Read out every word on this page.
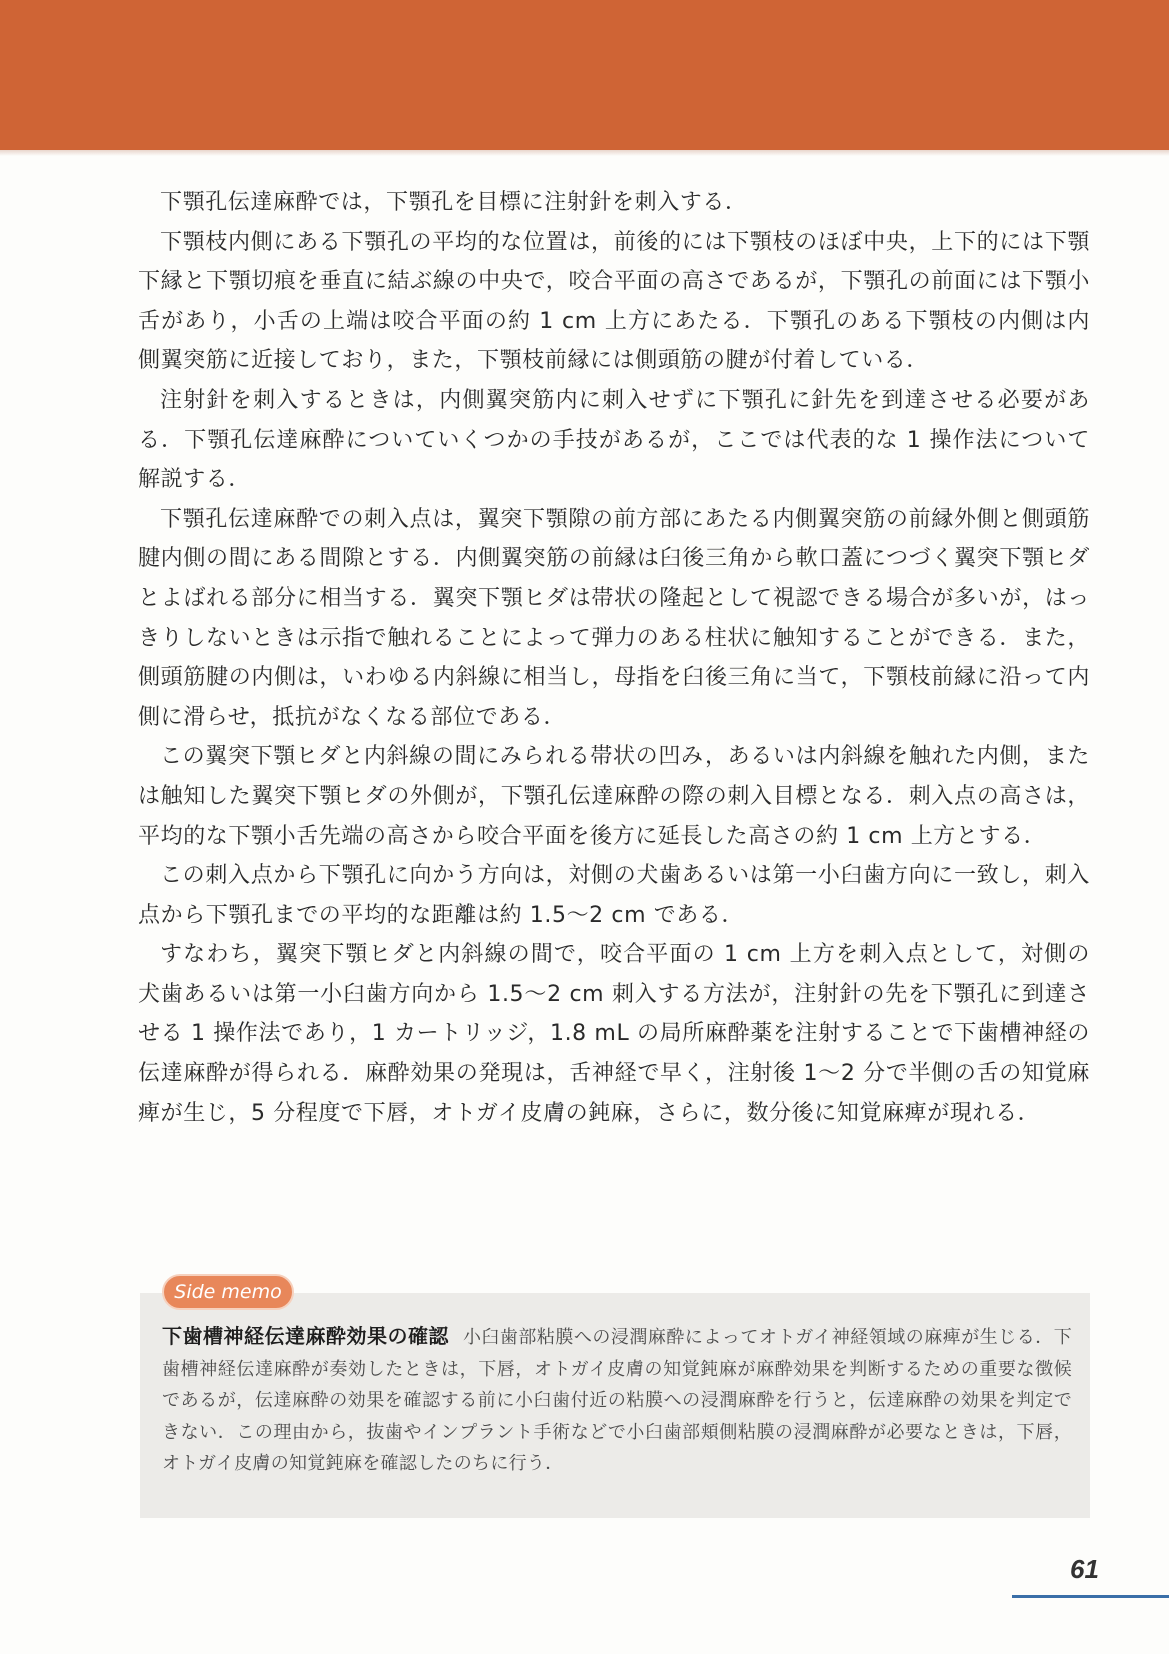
下顎孔伝達麻酔では，下顎孔を目標に注射針を刺入する．

下顎枝内側にある下顎孔の平均的な位置は，前後的には下顎枝のほぼ中央，上下的には下顎下縁と下顎切痕を垂直に結ぶ線の中央で，咬合平面の高さであるが，下顎孔の前面には下顎小舌があり，小舌の上端は咬合平面の約 1 cm 上方にあたる．下顎孔のある下顎枝の内側は内側翼突筋に近接しており，また，下顎枝前縁には側頭筋の腱が付着している．

注射針を刺入するときは，内側翼突筋内に刺入せずに下顎孔に針先を到達させる必要がある．下顎孔伝達麻酔についていくつかの手技があるが，ここでは代表的な 1 操作法について解説する．

下顎孔伝達麻酔での刺入点は，翼突下顎隙の前方部にあたる内側翼突筋の前縁外側と側頭筋腱内側の間にある間隙とする．内側翼突筋の前縁は臼後三角から軟口蓋につづく翼突下顎ヒダとよばれる部分に相当する．翼突下顎ヒダは帯状の隆起として視認できる場合が多いが，はっきりしないときは示指で触れることによって弾力のある柱状に触知することができる．また，側頭筋腱の内側は，いわゆる内斜線に相当し，母指を臼後三角に当て，下顎枝前縁に沿って内側に滑らせ，抵抗がなくなる部位である．

この翼突下顎ヒダと内斜線の間にみられる帯状の凹み，あるいは内斜線を触れた内側，または触知した翼突下顎ヒダの外側が，下顎孔伝達麻酔の際の刺入目標となる．刺入点の高さは，平均的な下顎小舌先端の高さから咬合平面を後方に延長した高さの約 1 cm 上方とする．

この刺入点から下顎孔に向かう方向は，対側の犬歯あるいは第一小臼歯方向に一致し，刺入点から下顎孔までの平均的な距離は約 1.5～2 cm である．

すなわち，翼突下顎ヒダと内斜線の間で，咬合平面の 1 cm 上方を刺入点として，対側の犬歯あるいは第一小臼歯方向から 1.5～2 cm 刺入する方法が，注射針の先を下顎孔に到達させる 1 操作法であり，1 カートリッジ，1.8 mL の局所麻酔薬を注射することで下歯槽神経の伝達麻酔が得られる．麻酔効果の発現は，舌神経で早く，注射後 1～2 分で半側の舌の知覚麻痺が生じ，5 分程度で下唇，オトガイ皮膚の鈍麻，さらに，数分後に知覚麻痺が現れる．

Side memo
下歯槽神経伝達麻酔効果の確認 小臼歯部粘膜への浸潤麻酔によってオトガイ神経領域の麻痺が生じる．下歯槽神経伝達麻酔が奏効したときは，下唇，オトガイ皮膚の知覚鈍麻が麻酔効果を判断するための重要な徴候であるが，伝達麻酔の効果を確認する前に小臼歯付近の粘膜への浸潤麻酔を行うと，伝達麻酔の効果を判定できない．この理由から，抜歯やインプラント手術などで小臼歯部頬側粘膜の浸潤麻酔が必要なときは，下唇，オトガイ皮膚の知覚鈍麻を確認したのちに行う．
61
